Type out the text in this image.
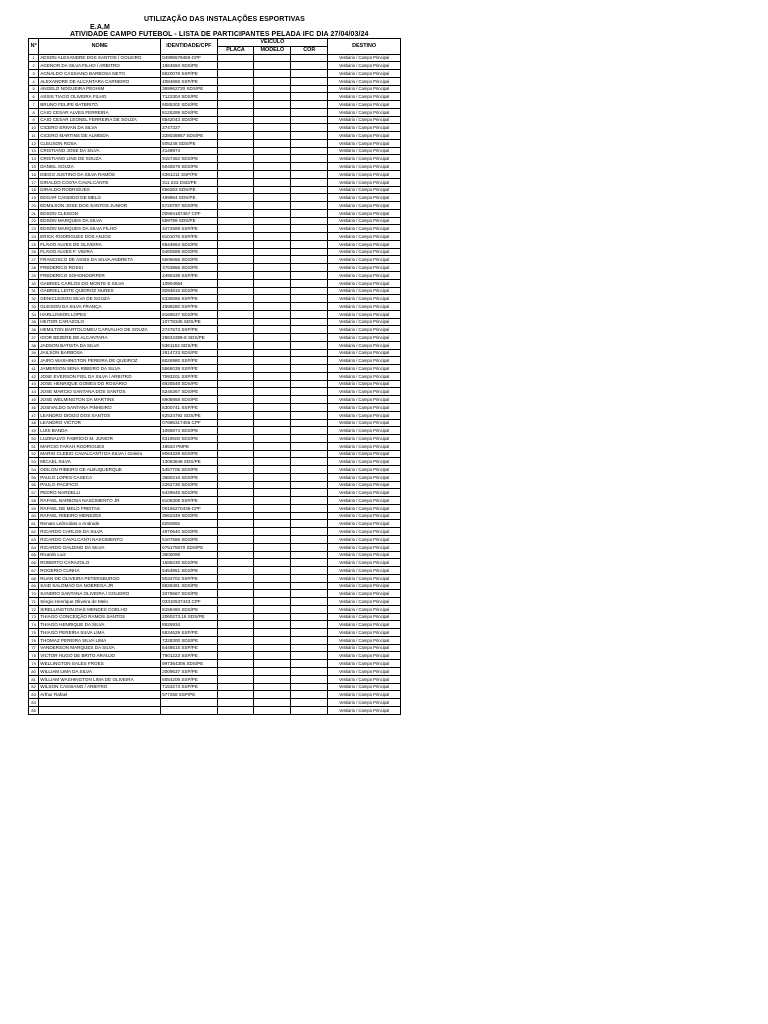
UTILIZAÇÃO DAS INSTALAÇÕES ESPORTIVAS
E.A.M
ATIVIDADE CAMPO FUTEBOL - LISTA DE PARTICIPANTES PELADA IFC DIA 27/04/03/24
Nº	NOME	IDENTIDADE/CPF	VEÍCULO			DESTINO
			PLACA	MODELO	COR	
1	ADSON ALEXANDRE DOS SANTOS / GOLEIRO	04995579465-CPF				Vestiário / Campo Principal
2	AGENOR DA SILVA FILHO / ARBITRO	1864694 SDS/PE				Vestiário / Campo Principal
3	AGNALDO CASSIANO BARBOSA NETO	6820078 SSP/PE				Vestiário / Campo Principal
4	ALEXANDRE DE ALCANTARA CARNEIRO	4084868 SSP/PE				Vestiário / Campo Principal
5	ANGELO NOGUEIRA PEGHIM	389962730 SDS/PE				Vestiário / Campo Principal
6	ASSIS TIAGO OLIVEIRA FILHO	7122304 SDS/PE				Vestiário / Campo Principal
7	BRUNO FELIPE BATBRITO	6085302 SDS/PE				Vestiário / Campo Principal
8	CAIO CESAR ALVES FERREIRA	8125289 SDS/PE				Vestiário / Campo Principal
9	CAIO CESAR LEONEL FERREIRA DE SOUZA	6842043 SDS/PE				Vestiário / Campo Principal
10	CICERO ERIVAN DA SILVA	3747327				Vestiário / Campo Principal
11	CICERO MARTINS DE ALMEIDA	228038857 SDS/PE				Vestiário / Campo Principal
12	CLEUSON ROSA	505248 SDS/PE				Vestiário / Campo Principal
13	CRISTIANO JOSE DA SILVA	4148974				Vestiário / Campo Principal
14	CRISTIANO LINS DE SOUZA	9157462 SDS/PE				Vestiário / Campo Principal
15	DANIEL SOUZA	5040579 SDS/PE				Vestiário / Campo Principal
16	DIEGO JUSTINO DA SILVA RAMOS	6391311 SSP/PE				Vestiário / Campo Principal
17	DIRALDO COSTA CAVALCANTE	311 223 DSD/PE				Vestiário / Campo Principal
18	DIRALDO RODRIGUES	666263 SDS/PE				Vestiário / Campo Principal
19	EDGAR CANDIDO DE MELO	499864 SDS/PE				Vestiário / Campo Principal
20	EDMILSON JOSE DOS SANTOS JUNIOR	5720797 SDS/PE				Vestiário / Campo Principal
21	EDSON CLEISON	00994187467 CPF				Vestiário / Campo Principal
22	EDSON MARQUES DA SILVA	599799 SDS/PE				Vestiário / Campo Principal
23	EDSON MARQUES DA SILVA FILHO	3472589 SSP/PE				Vestiário / Campo Principal
24	ERICK RODRIGUES DOS ANJOS	8101076 SSP/PE				Vestiário / Campo Principal
25	FLAVIO ALVES DE OLIVEIRA	6844864 SDS/PE				Vestiário / Campo Principal
26	FLAVIO ALVES F. VIEIRA	5460589 SDS/PE				Vestiário / Campo Principal
27	FRANCISCO DE ASSIS DA SILVA ANDRETA	5506666 SDS/PE				Vestiário / Campo Principal
28	FREDERICO ROSSI	3763866 SDS/PE				Vestiário / Campo Principal
29	FREDERICO SOHONDORFER	2490439 SSP/PE				Vestiário / Campo Principal
30	GABRIEL CARLOS DO MONTE E SILVA	10904864				Vestiário / Campo Principal
31	GABRIEL LEITE QUEIROZ NUNES	9294815 SDS/PE				Vestiário / Campo Principal
32	GENICLEISON SILVA DE SOUZA	6335566 SSP/PE				Vestiário / Campo Principal
33	GLEISON DA SILVA FRANÇA	4088280 SSP/PE				Vestiário / Campo Principal
34	HARLLINSON LOPES	9166537 SDS/PE				Vestiário / Campo Principal
35	HEITOR CARAZOLO	10778345 SDS/PE				Vestiário / Campo Principal
36	HEMILTON BARTOLOMEU CARVALHO DE SOUZA	2747673 SSP/PE				Vestiário / Campo Principal
37	IGOR BEZERE DE ALCANTARA	28634388-8 SDS/PE				Vestiário / Campo Principal
38	JADSON BATISTA DA SILVA	5361153 SDS/PE				Vestiário / Campo Principal
39	JAILSON BARBOSA	2814723 SDS/PE				Vestiário / Campo Principal
40	JAIRO WASHINGTON PEREIRA DE QUEIROZ	6026980 SSP/PE				Vestiário / Campo Principal
41	JAMERSON SENA RIBEIRO DA SILVA	5568038 SSP/PE				Vestiário / Campo Principal
42	JOSE EVERSON FIEL DA SILVA / ARBITRO	7593201 SSP/PE				Vestiário / Campo Principal
43	JOSE HENRIQUE GOMES DO ROSÁRIO	6925548 SDS/PE				Vestiário / Campo Principal
44	JOSE MARCIO SANTANA DOS SANTOS	5246367 SDS/PE				Vestiário / Campo Principal
45	JOSE WELMINGTON DA MARTINS	6908958 SDS/PE				Vestiário / Campo Principal
46	JOSIVALDO SANTANA PINHEIRO	6300741 SSP/PE				Vestiário / Campo Principal
47	LEANDRO DIOGO DOS SANTOS	62524792 SDS/PE				Vestiário / Campo Principal
48	LEANDRO VICTOR	07686317456 CPF				Vestiário / Campo Principal
49	LUIS BANDA	1095874 SDS/PE				Vestiário / Campo Principal
50	LUZINALVO FABRÍCIO M. JÚNIOR	6319500 SDS/PE				Vestiário / Campo Principal
51	MARCIO FARAH RODRIGUES	46534 PMPE				Vestiário / Campo Principal
52	MARIO CLEBIO CAVALCANTI DA SILVA / Goleiro	9084328 SDS/PE				Vestiário / Campo Principal
53	MICAEL SILVA	13063648 SDS/PE				Vestiário / Campo Principal
54	ODILON RIBEIRO DE ALBUQUERQUE	5457705 SDS/PE				Vestiário / Campo Principal
55	PAULO LOPES CASECA	3680216 SDS/PE				Vestiário / Campo Principal
56	PAULO PACIFICO	2262730 SDS/PE				Vestiário / Campo Principal
57	PEDRO NARDELLI	6429645 SDS/PE				Vestiário / Campo Principal
58	RAFAEL BARBOSA NASCIMENTO JR	8106308 SSP/PE				Vestiário / Campo Principal
59	RAFAEL DE MELO FREITAS	00166270435-CPF				Vestiário / Campo Principal
60	RAFAEL RIBEIRO MENEZES	3062349 SDS/PE				Vestiário / Campo Principal
61	Renato Leôncidas o Andrade	8250892				Vestiário / Campo Principal
62	RICARDO CARLOS DA SILVA	4970640 SDS/PE				Vestiário / Campo Principal
63	RICARDO CAVALCANTI NASCIMENTO	5107586 SDS/PE				Vestiário / Campo Principal
64	RICARDO GALDINO DA SILVA	075175970 SDS/PE				Vestiário / Campo Principal
65	Ricardo Luiz	3600099				Vestiário / Campo Principal
66	ROBERTO CARAZOLO	1588230 SDS/PE				Vestiário / Campo Principal
67	ROGERIO CUNHA	5454951 SDS/PE				Vestiário / Campo Principal
68	RUAN DE OLIVEIRA PETERSBURGO	8034702 SSP/PE				Vestiário / Campo Principal
69	SAID SALOMAO DA NOBREGA JR	6828491 SDS/PE				Vestiário / Campo Principal
70	SANDRO SANTANA OLIVEIRA / GOLEIRO	3379667 SDS/PE				Vestiário / Campo Principal
71	Sérgio Henrique Oliveira de Melo	03310537443 CPF				Vestiário / Campo Principal
72	SIRELLINGTON DIAS MENDES COELHO	8158460 SDS/PE				Vestiário / Campo Principal
73	THIAGO CONCEIÇÃO RAMOS SANTOS	2060273,18 SDS/PE				Vestiário / Campo Principal
74	THIAGO HENRIQUE DA SILVA	8926934				Vestiário / Campo Principal
75	THIAGO PEREIRA SILVA LIMA	6834629 SSP/PE				Vestiário / Campo Principal
76	THOMAZ PEREIRA SILVA LIMA	7328300 SDS/PE				Vestiário / Campo Principal
77	VANDERSON MARQUES DA SILVA	6448615 SSP/PE				Vestiário / Campo Principal
78	VICTOR HUGO DE BRITO ARAUJO	7901223 SSP/PE				Vestiário / Campo Principal
79	WELLINGTON SALES FROES	997364306 SDS/PE				Vestiário / Campo Principal
80	WILLIAM LIMA DA SILVA	2009637 SSP/PE				Vestiário / Campo Principal
81	WILLIAM WASHINGTON LIMA DE OLIVEIRA	6554206 SSP/PE				Vestiário / Campo Principal
82	WILSON CASSIANO / ARBITRO	7153273 SSP/PE				Vestiário / Campo Principal
83	Arthur Rafael	977258 SSP/PE				Vestiário / Campo Principal
84						Vestiário / Campo Principal
85						Vestiário / Campo Principal
